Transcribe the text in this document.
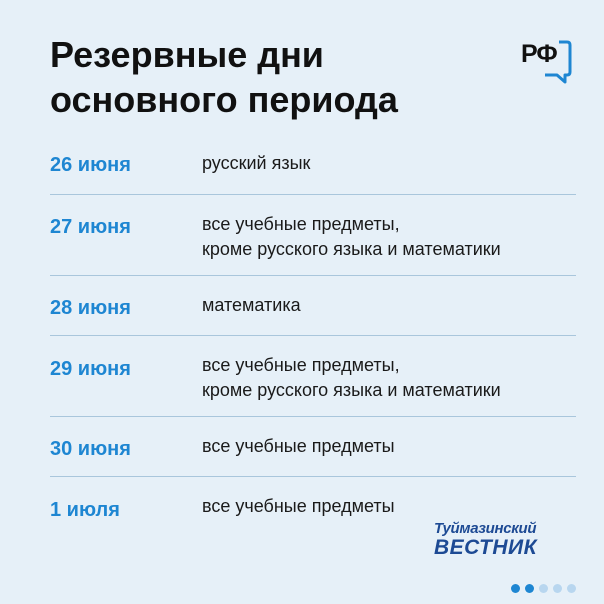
Резервные дни
основного периода
РФ
26 июня	русский язык
27 июня	все учебные предметы,
кроме русского языка и математики
28 июня	математика
29 июня	все учебные предметы,
кроме русского языка и математики
30 июня	все учебные предметы
1 июля	все учебные предметы
Туймазинский
ВЕСТНИК
